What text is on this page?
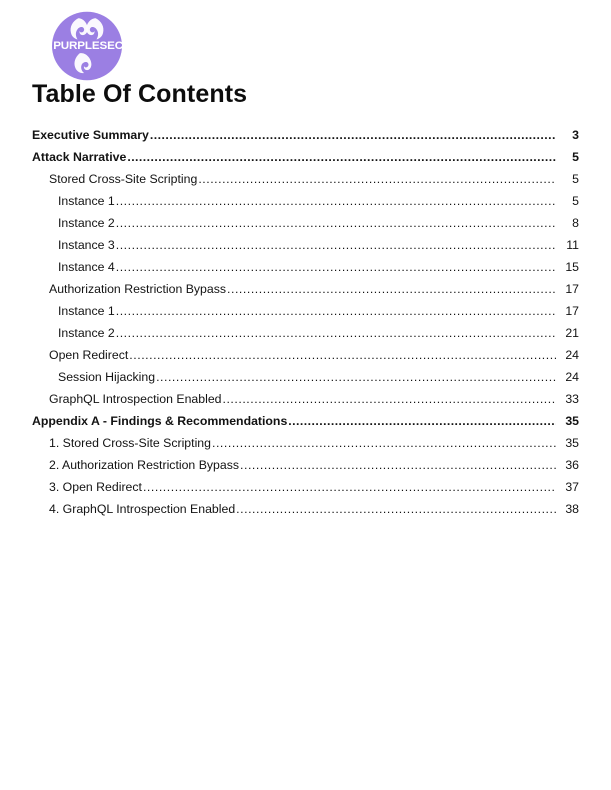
PURPLESEC
Table Of Contents
Executive Summary .....	3
Attack Narrative .....	5
Stored Cross-Site Scripting .....	5
Instance 1 .....	5
Instance 2 .....	8
Instance 3 .....	11
Instance 4 .....	15
Authorization Restriction Bypass .....	17
Instance 1 .....	17
Instance 2 .....	21
Open Redirect .....	24
Session Hijacking .....	24
GraphQL Introspection Enabled .....	33
Appendix A - Findings & Recommendations .....	35
1. Stored Cross-Site Scripting .....	35
2. Authorization Restriction Bypass .....	36
3. Open Redirect .....	37
4. GraphQL Introspection Enabled .....	38
